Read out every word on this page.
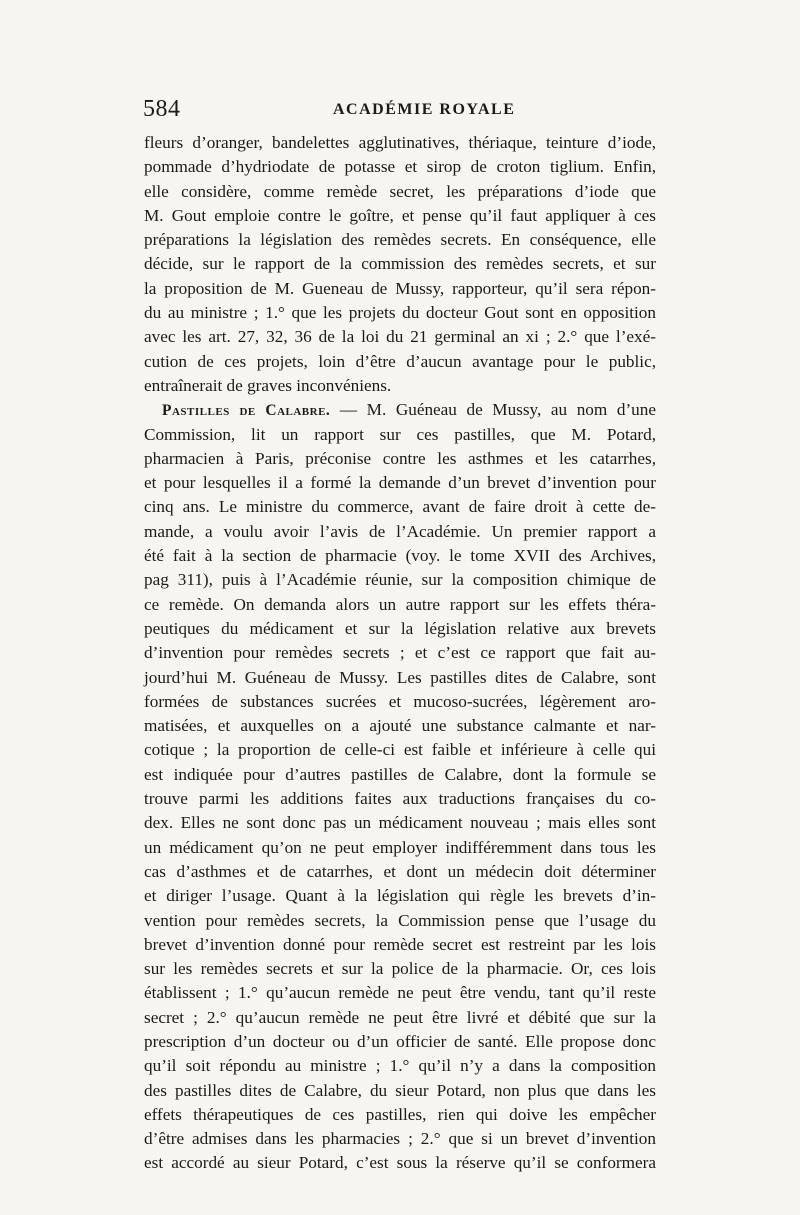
584	ACADÉMIE ROYALE
fleurs d’oranger, bandelettes agglutinatives, thériaque, teinture d’iode,
pommade d’hydriodate de potasse et sirop de croton tiglium. Enfin,
elle considère, comme remède secret, les préparations d’iode que
M. Gout emploie contre le goître, et pense qu’il faut appliquer à ces
préparations la législation des remèdes secrets. En conséquence, elle
décide, sur le rapport de la commission des remèdes secrets, et sur
la proposition de M. Gueneau de Mussy, rapporteur, qu’il sera répon-
du au ministre ; 1.° que les projets du docteur Gout sont en opposition
avec les art. 27, 32, 36 de la loi du 21 germinal an xi ; 2.° que l’exé-
cution de ces projets, loin d’être d’aucun avantage pour le public,
entraînerait de graves inconvéniens.
Pastilles de Calabre. — M. Guéneau de Mussy, au nom d’une
Commission, lit un rapport sur ces pastilles, que M. Potard,
pharmacien à Paris, préconise contre les asthmes et les catarrhes,
et pour lesquelles il a formé la demande d’un brevet d’invention pour
cinq ans. Le ministre du commerce, avant de faire droit à cette de-
mande, a voulu avoir l’avis de l’Académie. Un premier rapport a
été fait à la section de pharmacie (voy. le tome XVII des Archives,
pag 311), puis à l’Académie réunie, sur la composition chimique de
ce remède. On demanda alors un autre rapport sur les effets théra-
peutiques du médicament et sur la législation relative aux brevets
d’invention pour remèdes secrets ; et c’est ce rapport que fait au-
jourd’hui M. Guéneau de Mussy. Les pastilles dites de Calabre, sont
formées de substances sucrées et mucoso-sucrées, légèrement aro-
matisées, et auxquelles on a ajouté une substance calmante et nar-
cotique ; la proportion de celle-ci est faible et inférieure à celle qui
est indiquée pour d’autres pastilles de Calabre, dont la formule se
trouve parmi les additions faites aux traductions françaises du co-
dex. Elles ne sont donc pas un médicament nouveau ; mais elles sont
un médicament qu’on ne peut employer indifféremment dans tous les
cas d’asthmes et de catarrhes, et dont un médecin doit déterminer
et diriger l’usage. Quant à la législation qui règle les brevets d’in-
vention pour remèdes secrets, la Commission pense que l’usage du
brevet d’invention donné pour remède secret est restreint par les lois
sur les remèdes secrets et sur la police de la pharmacie. Or, ces lois
établissent ; 1.° qu’aucun remède ne peut être vendu, tant qu’il reste
secret ; 2.° qu’aucun remède ne peut être livré et débité que sur la
prescription d’un docteur ou d’un officier de santé. Elle propose donc
qu’il soit répondu au ministre ; 1.° qu’il n’y a dans la composition
des pastilles dites de Calabre, du sieur Potard, non plus que dans les
effets thérapeutiques de ces pastilles, rien qui doive les empêcher
d’être admises dans les pharmacies ; 2.° que si un brevet d’invention
est accordé au sieur Potard, c’est sous la réserve qu’il se conformera
